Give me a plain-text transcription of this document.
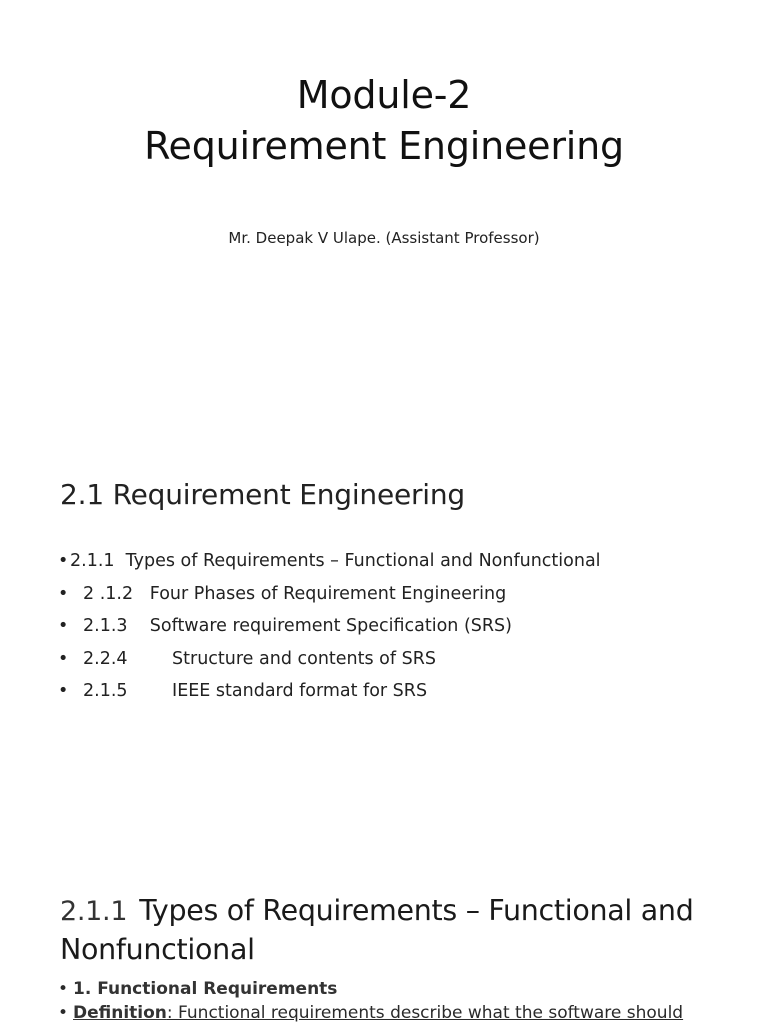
Module-2
Requirement Engineering
Mr. Deepak V Ulape. (Assistant Professor)
2.1 Requirement Engineering
•2.1.1  Types of Requirements – Functional and Nonfunctional
• 2 .1.2   Four Phases of Requirement Engineering
• 2.1.3    Software requirement Specification (SRS)
• 2.2.4        Structure and contents of SRS
• 2.1.5        IEEE standard format for SRS
2.1.1 Types of Requirements – Functional and Nonfunctional
• 1. Functional Requirements
• Definition: Functional requirements describe what the software should
